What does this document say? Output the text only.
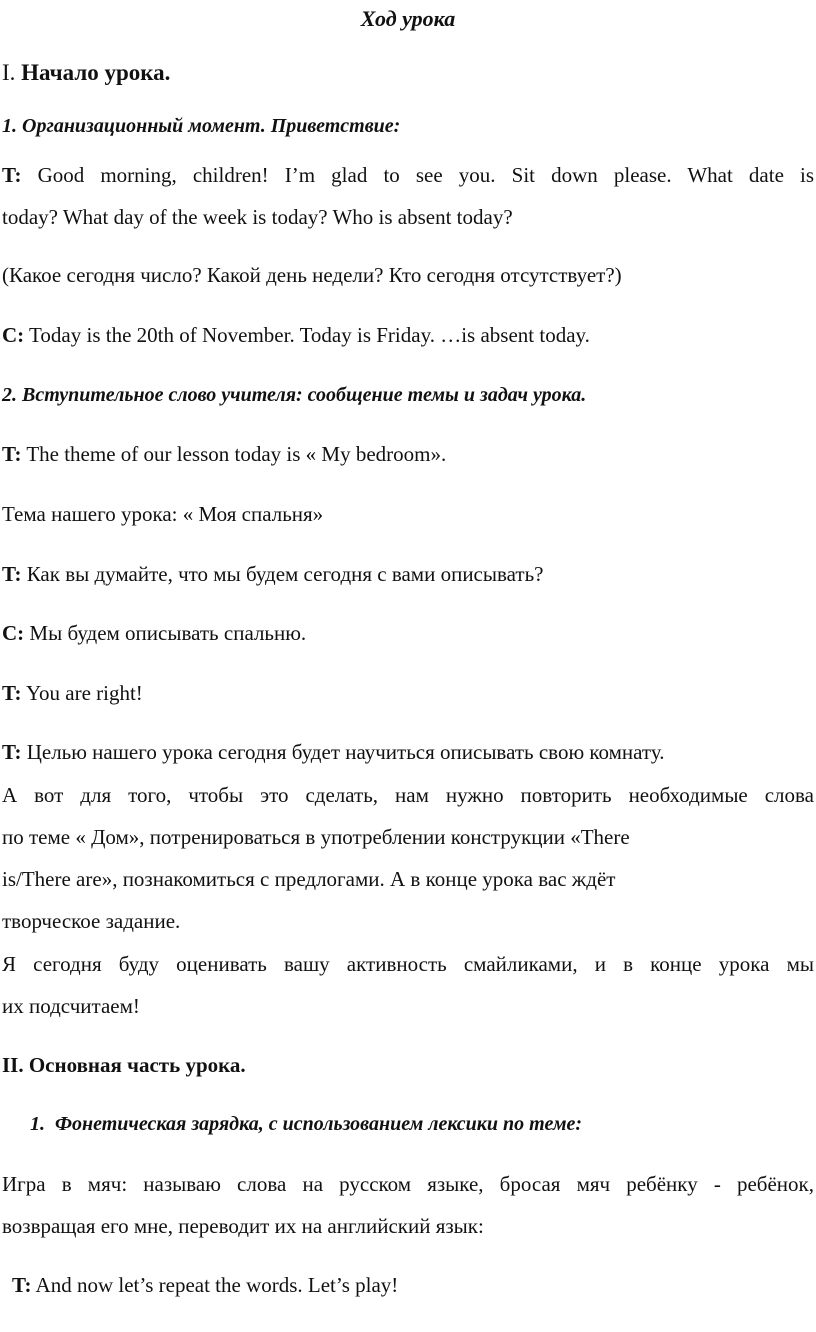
Ход урока
I. Начало урока.
1. Организационный момент. Приветствие:
T: Good morning, children! I’m glad to see you. Sit down please. What date is
today? What day of the week is today? Who is absent today?
(Какое сегодня число? Какой день недели? Кто сегодня отсутствует?)
C: Today is the 20th of November. Today is Friday. …is absent today.
2. Вступительное слово учителя: сообщение темы и задач урока.
T: The theme of our lesson today is « My bedroom».
Тема нашего урока: « Моя спальня»
T: Как вы думайте, что мы будем сегодня с вами описывать?
C: Мы будем описывать спальню.
T: You are right!
T: Целью нашего урока сегодня будет научиться описывать свою комнату.
А вот для того, чтобы это сделать, нам нужно повторить необходимые слова
по теме « Дом», потренироваться в употреблении конструкции «There
is/There are», познакомиться с предлогами. А в конце урока вас ждёт
творческое задание.
Я сегодня буду оценивать вашу активность смайликами, и в конце урока мы
их подсчитаем!
II. Основная часть урока.
1. Фонетическая зарядка, с использованием лексики по теме:
Игра в мяч: называю слова на русском языке, бросая мяч ребёнку - ребёнок,
возвращая его мне, переводит их на английский язык:
T: And now let’s repeat the words. Let’s play!
